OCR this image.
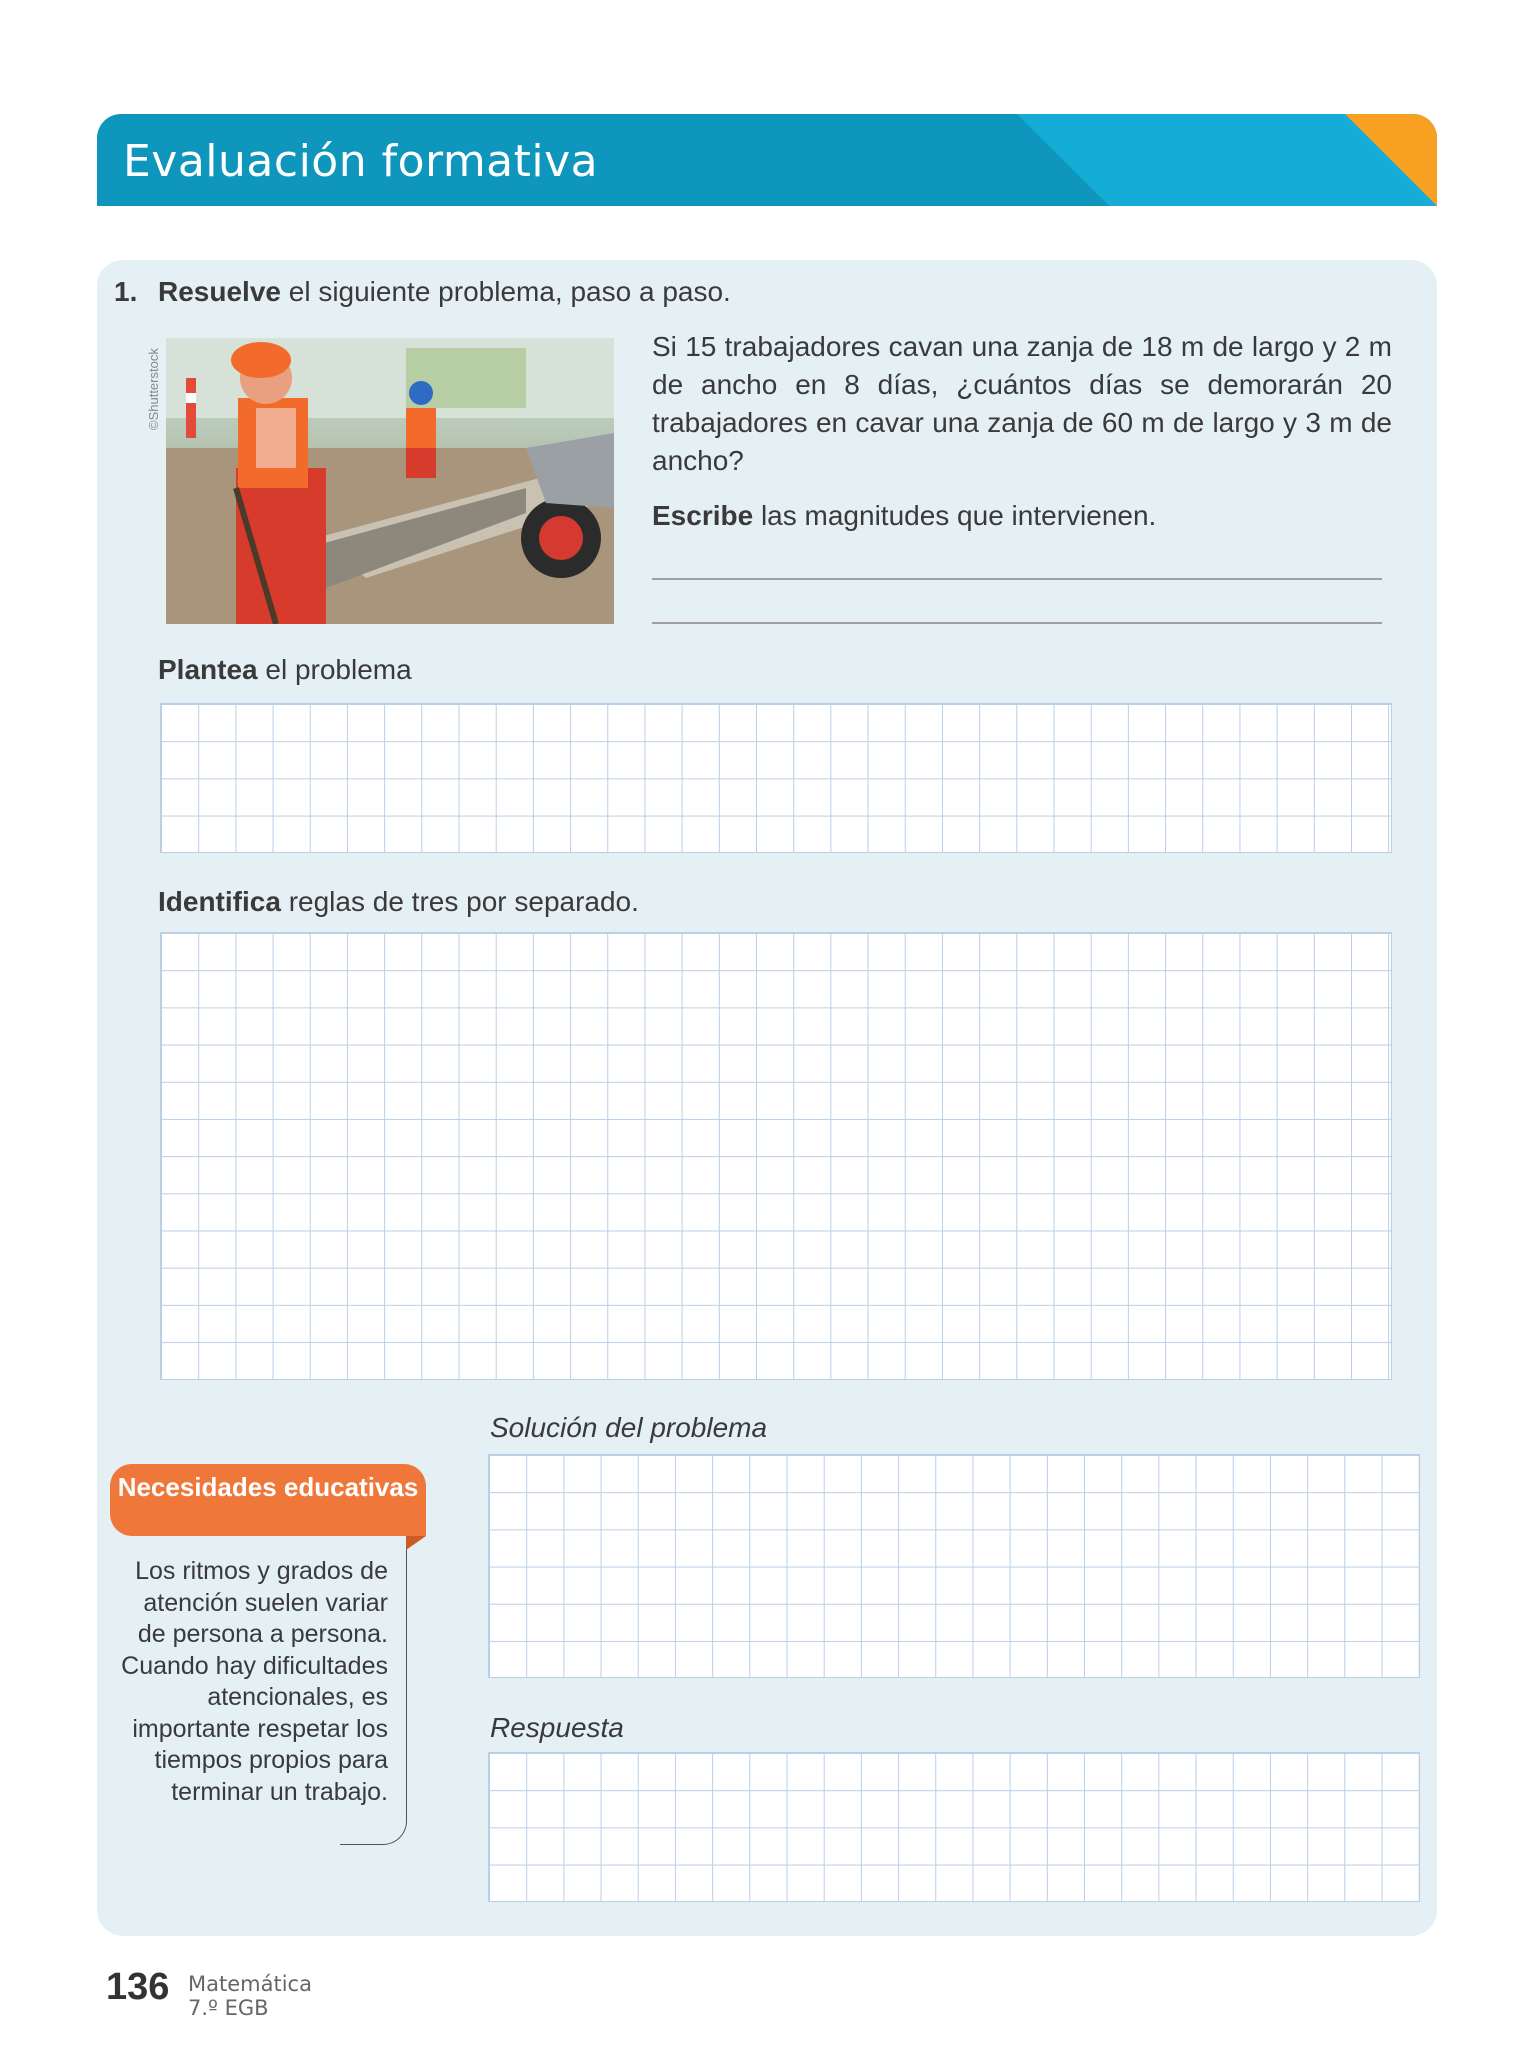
Evaluación formativa
DUA
Acción y expresión
1. Resuelve el siguiente problema, paso a paso.
©Shutterstock
Si 15 trabajadores cavan una zanja de 18 m de largo y 2 m de ancho en 8 días, ¿cuántos días se demorarán 20 trabajadores en cavar una zanja de 60 m de largo y 3 m de ancho?
Escribe las magnitudes que intervienen.
Plantea el problema
Identifica reglas de tres por separado.
Solución del problema
Respuesta
Necesidades educativas
Los ritmos y grados de atención suelen variar de persona a persona. Cuando hay dificultades atencionales, es importante respetar los tiempos propios para terminar un trabajo.
136 Matemática
7.º EGB
